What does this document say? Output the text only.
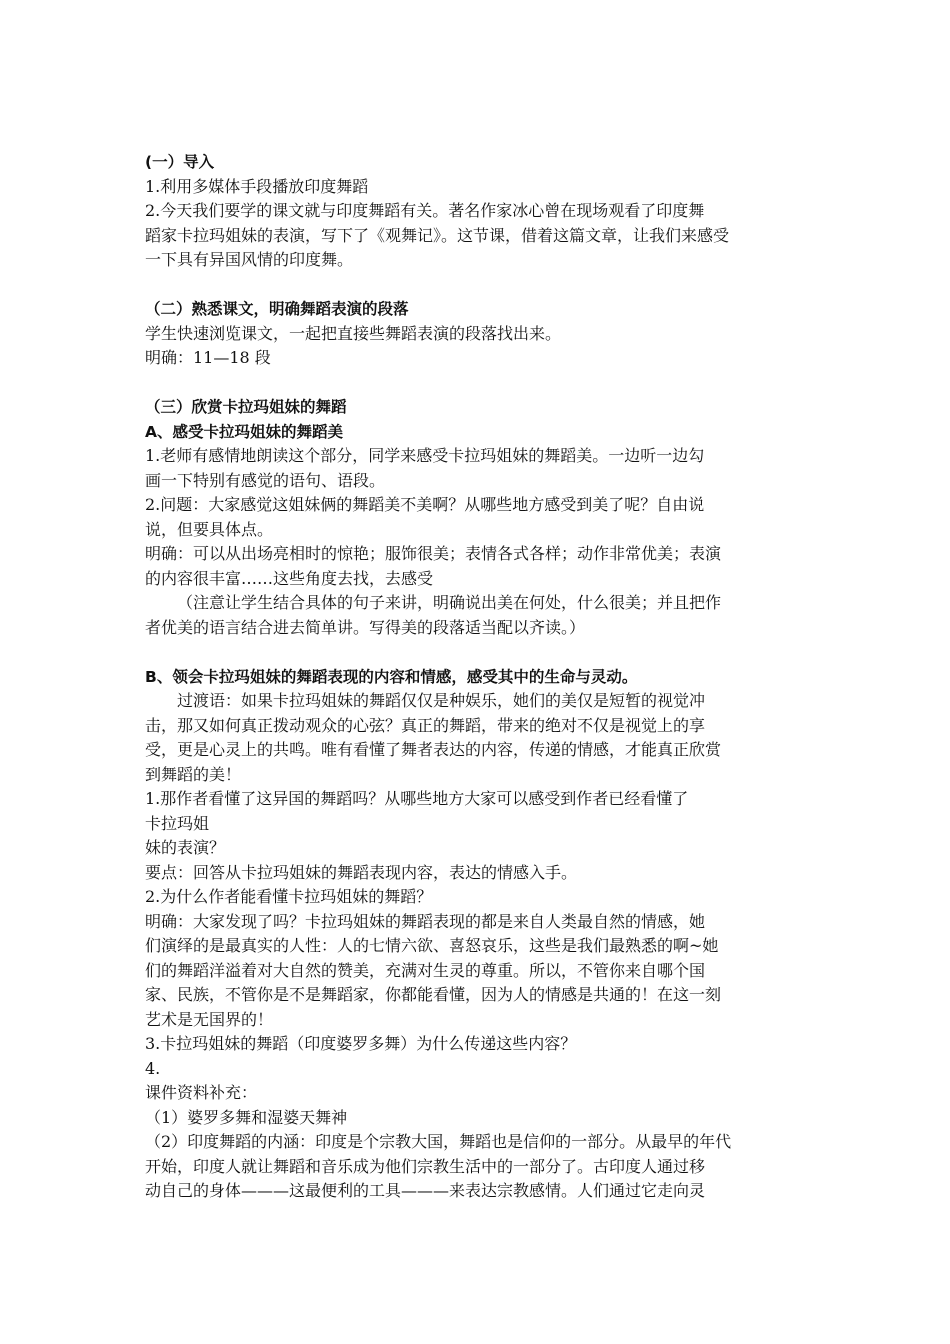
(一）导入
1.利用多媒体手段播放印度舞蹈
2.今天我们要学的课文就与印度舞蹈有关。著名作家冰心曾在现场观看了印度舞
蹈家卡拉玛姐妹的表演，写下了《观舞记》。这节课，借着这篇文章，让我们来感受
一下具有异国风情的印度舞。
（二）熟悉课文，明确舞蹈表演的段落
学生快速浏览课文，一起把直接些舞蹈表演的段落找出来。
明确：11—18 段
（三）欣赏卡拉玛姐妹的舞蹈
A、感受卡拉玛姐妹的舞蹈美
1.老师有感情地朗读这个部分，同学来感受卡拉玛姐妹的舞蹈美。一边听一边勾
画一下特别有感觉的语句、语段。
2.问题：大家感觉这姐妹俩的舞蹈美不美啊？从哪些地方感受到美了呢？自由说
说，但要具体点。
明确：可以从出场亮相时的惊艳；服饰很美；表情各式各样；动作非常优美；表演
的内容很丰富……这些角度去找，去感受
（注意让学生结合具体的句子来讲，明确说出美在何处，什么很美；并且把作
者优美的语言结合进去简单讲。写得美的段落适当配以齐读。）
B、领会卡拉玛姐妹的舞蹈表现的内容和情感，感受其中的生命与灵动。
过渡语：如果卡拉玛姐妹的舞蹈仅仅是种娱乐，她们的美仅是短暂的视觉冲
击，那又如何真正拨动观众的心弦？真正的舞蹈，带来的绝对不仅是视觉上的享
受，更是心灵上的共鸣。唯有看懂了舞者表达的内容，传递的情感，才能真正欣赏
到舞蹈的美！
1.那作者看懂了这异国的舞蹈吗？从哪些地方大家可以感受到作者已经看懂了
卡拉玛姐
妹的表演？
要点：回答从卡拉玛姐妹的舞蹈表现内容，表达的情感入手。
2.为什么作者能看懂卡拉玛姐妹的舞蹈？
明确：大家发现了吗？卡拉玛姐妹的舞蹈表现的都是来自人类最自然的情感，她
们演绎的是最真实的人性：人的七情六欲、喜怒哀乐，这些是我们最熟悉的啊~她
们的舞蹈洋溢着对大自然的赞美，充满对生灵的尊重。所以，不管你来自哪个国
家、民族，不管你是不是舞蹈家，你都能看懂，因为人的情感是共通的！在这一刻
艺术是无国界的！
3.卡拉玛姐妹的舞蹈（印度婆罗多舞）为什么传递这些内容？
4.
课件资料补充：
（1）婆罗多舞和湿婆天舞神
（2）印度舞蹈的内涵：印度是个宗教大国，舞蹈也是信仰的一部分。从最早的年代
开始，印度人就让舞蹈和音乐成为他们宗教生活中的一部分了。古印度人通过移
动自己的身体———这最便利的工具———来表达宗教感情。人们通过它走向灵
